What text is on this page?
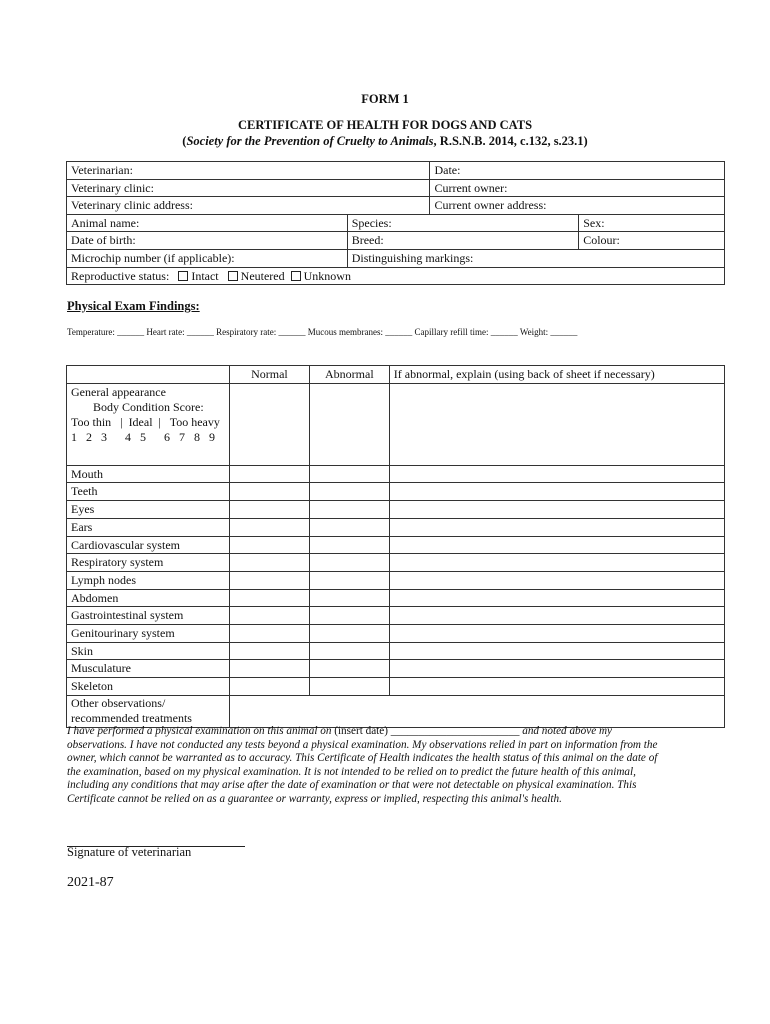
FORM 1
CERTIFICATE OF HEALTH FOR DOGS AND CATS
(Society for the Prevention of Cruelty to Animals, R.S.N.B. 2014, c.132, s.23.1)
Veterinarian:		Date:	
Veterinary clinic:		Current owner:	
Veterinary clinic address:		Current owner address:	
Animal name:	Species:		Sex:
Date of birth:	Breed:		Colour:
Microchip number (if applicable):	Distinguishing markings:		
Reproductive status: Intact Neutered Unknown			
Physical Exam Findings:
Temperature: ______ Heart rate: ______ Respiratory rate: ______ Mucous membranes: ______ Capillary refill time: ______ Weight: ______
	Normal	Abnormal	If abnormal, explain (using back of sheet if necessary)

General appearance
Body Condition Score:
Too thin   |  Ideal  |   Too heavy
1   2   3      4   5      6   7   8   9			

Mouth			
Teeth			
Eyes			
Ears			
Cardiovascular system			
Respiratory system			
Lymph nodes			
Abdomen			
Gastrointestinal system			
Genitourinary system			
Skin			
Musculature			
Skeleton			

Other observations/
recommended treatments			

I have performed a physical examination on this animal on (insert date) _______________________ and noted above my observations. I have not conducted any tests beyond a physical examination. My observations relied in part on information from the owner, which cannot be warranted as to accuracy. This Certificate of Health indicates the health status of this animal on the date of the examination, based on my physical examination. It is not intended to be relied on to predict the future health of this animal, including any conditions that may arise after the date of examination or that were not detectable on physical examination. This Certificate cannot be relied on as a guarantee or warranty, express or implied, respecting this animal's health.
Signature of veterinarian
2021-87
